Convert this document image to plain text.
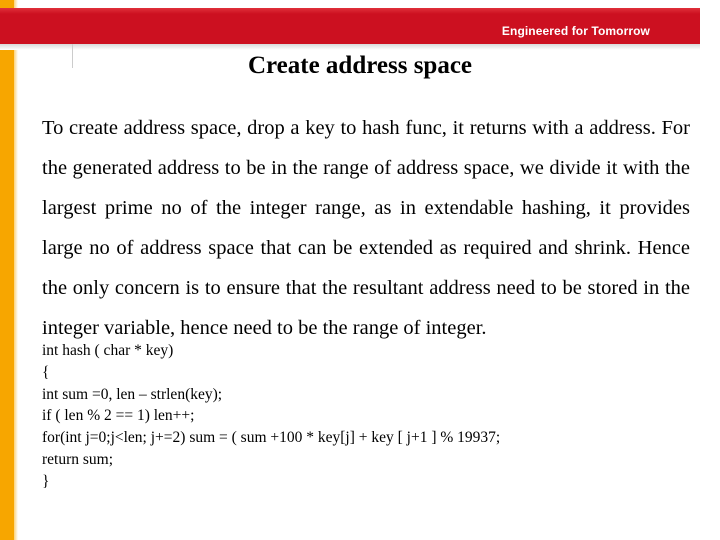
Engineered for Tomorrow
Create address space
To create address space, drop a key to hash func, it returns with a address. For the generated address to be in the range of address space, we divide it with the largest prime no of the integer range, as in extendable hashing, it provides large no of address space that can be extended as required and shrink. Hence the only concern is to ensure that the resultant address need to be stored in the integer variable, hence need to be the range of integer.
int hash ( char * key)
{
int sum =0, len – strlen(key);
if ( len % 2 == 1) len++;
for(int j=0;j<len; j+=2) sum = ( sum +100 * key[j] + key [ j+1 ] % 19937;
return sum;
}
